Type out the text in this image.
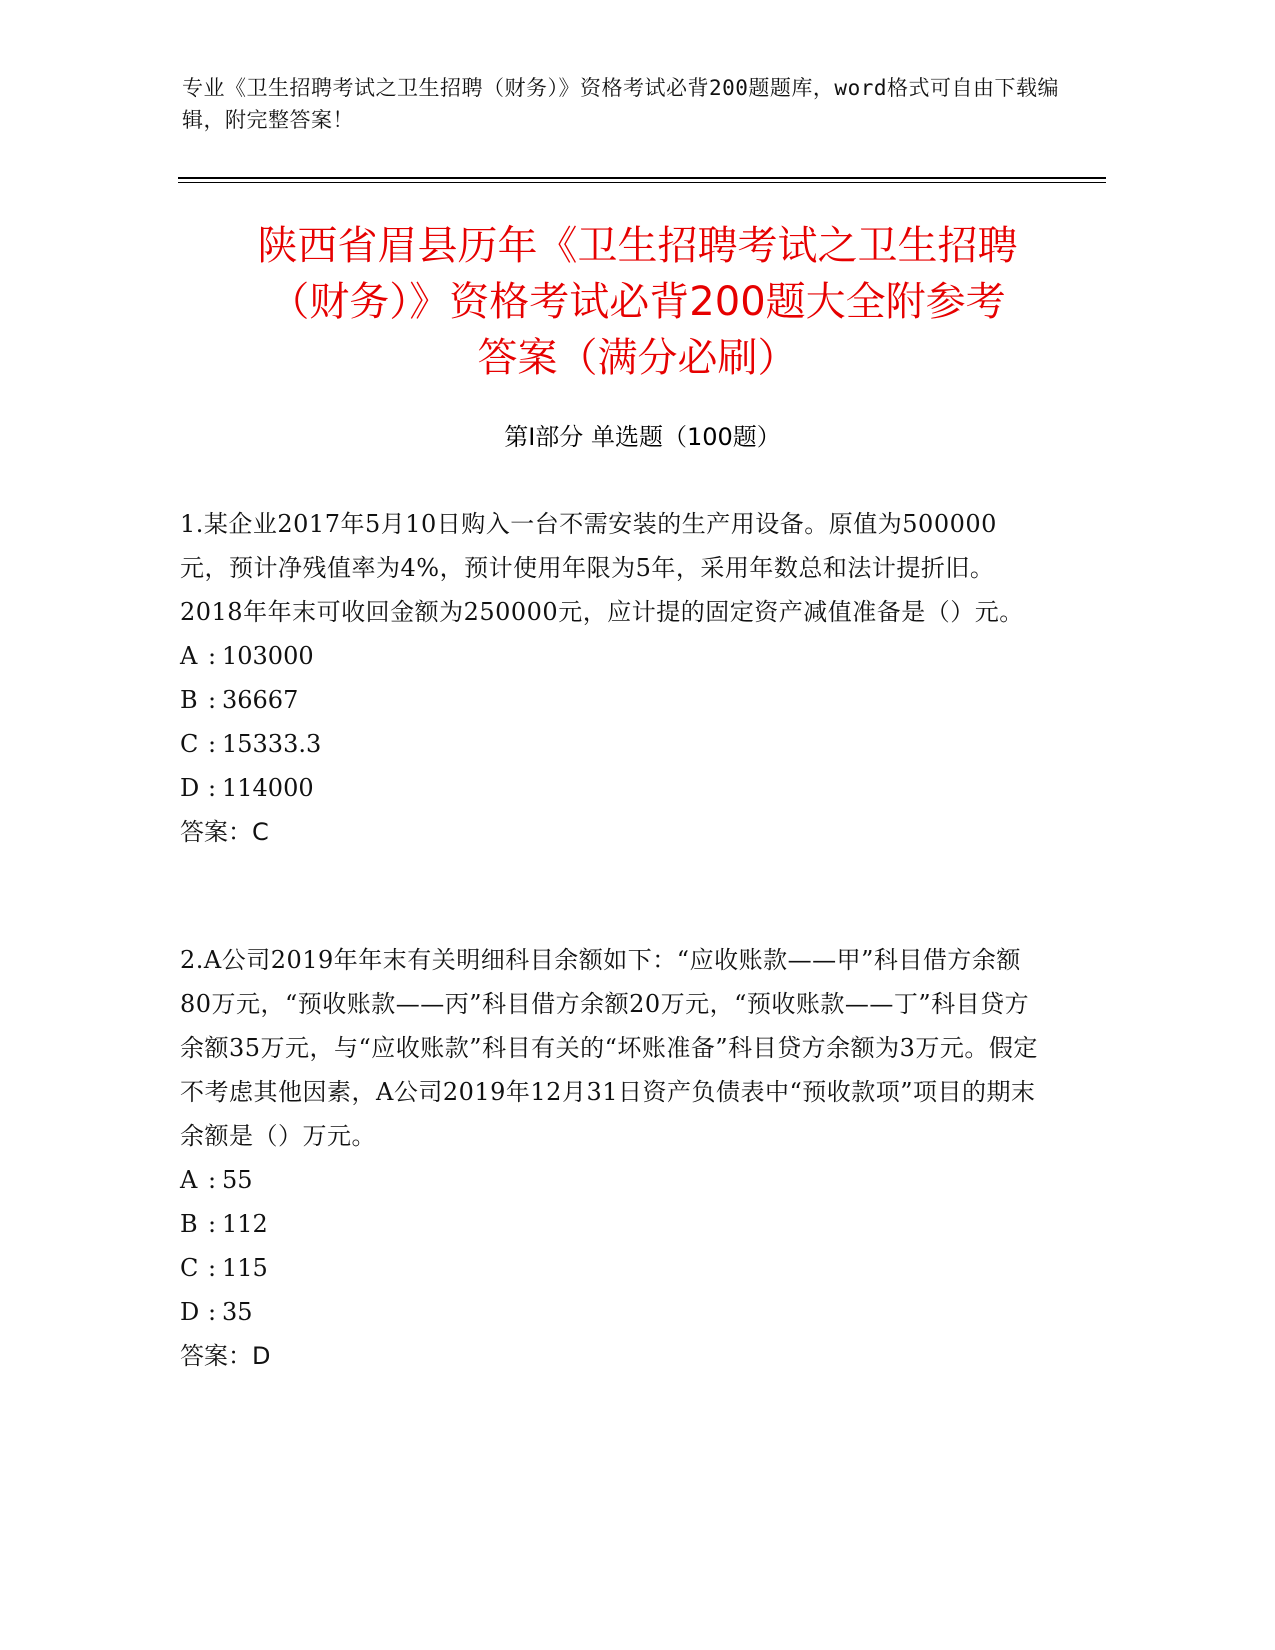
专业《卫生招聘考试之卫生招聘（财务）》资格考试必背200题题库，word格式可自由下载编辑，附完整答案！
陕西省眉县历年《卫生招聘考试之卫生招聘
（财务）》资格考试必背200题大全附参考
答案（满分必刷）
第Ⅰ部分 单选题（100题）
1.某企业2017年5月10日购入一台不需安装的生产用设备。原值为500000元，预计净残值率为4%，预计使用年限为5年，采用年数总和法计提折旧。2018年年末可收回金额为250000元，应计提的固定资产减值准备是（）元。
A : 103000
B : 36667
C : 15333.3
D : 114000
答案：C
2.A公司2019年年末有关明细科目余额如下：“应收账款——甲”科目借方余额80万元，“预收账款——丙”科目借方余额20万元，“预收账款——丁”科目贷方余额35万元，与“应收账款”科目有关的“坏账准备”科目贷方余额为3万元。假定不考虑其他因素，A公司2019年12月31日资产负债表中“预收款项”项目的期末余额是（）万元。
A : 55
B : 112
C : 115
D : 35
答案：D
